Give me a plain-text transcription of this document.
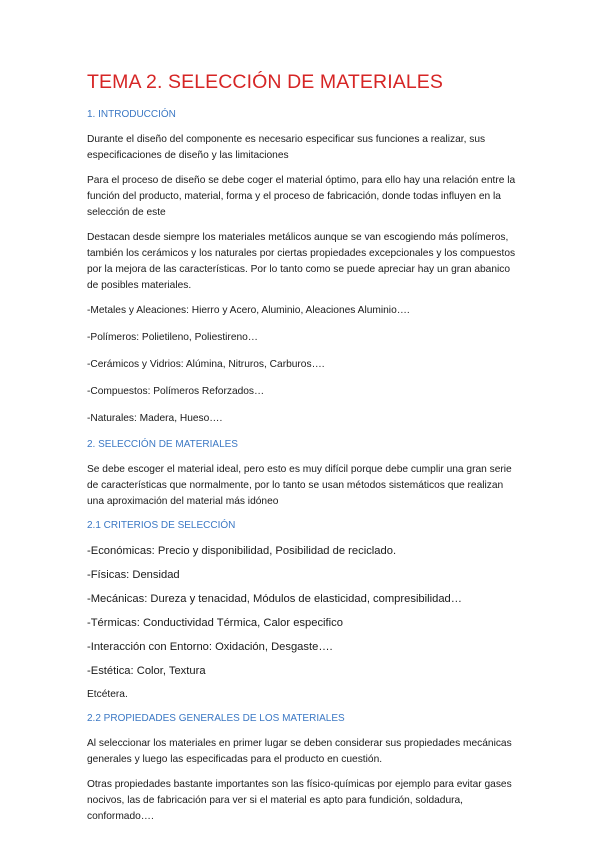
TEMA 2. SELECCIÓN DE MATERIALES
1. INTRODUCCIÓN

Durante el diseño del componente es necesario especificar sus funciones a realizar, sus especificaciones de diseño y las limitaciones

Para el proceso de diseño se debe coger el material óptimo, para ello hay una relación entre la función del producto, material, forma y el proceso de fabricación, donde todas influyen en la selección de este

Destacan desde siempre los materiales metálicos aunque se van escogiendo más polímeros, también los cerámicos y los naturales por ciertas propiedades excepcionales y los compuestos por la mejora de las características. Por lo tanto como se puede apreciar hay un gran abanico de posibles materiales.

-Metales y Aleaciones: Hierro y Acero, Aluminio, Aleaciones Aluminio….

-Polímeros: Polietileno, Poliestireno…

-Cerámicos y Vidrios: Alúmina, Nitruros, Carburos….

-Compuestos: Polímeros Reforzados…

-Naturales: Madera, Hueso….

2. SELECCIÓN DE MATERIALES

Se debe escoger el material ideal, pero esto es muy difícil porque debe cumplir una gran serie de características que normalmente, por lo tanto se usan métodos sistemáticos que realizan una aproximación del material más idóneo

2.1 CRITERIOS DE SELECCIÓN

-Económicas: Precio y disponibilidad, Posibilidad de reciclado.

-Físicas: Densidad

-Mecánicas: Dureza y tenacidad, Módulos de elasticidad, compresibilidad…

-Térmicas: Conductividad Térmica, Calor especifico

-Interacción con Entorno: Oxidación, Desgaste….

-Estética: Color, Textura

Etcétera.

2.2 PROPIEDADES GENERALES DE LOS MATERIALES

Al seleccionar los materiales en primer lugar se deben considerar sus propiedades mecánicas generales y luego las especificadas para el producto en cuestión.

Otras propiedades bastante importantes son las físico-químicas por ejemplo para evitar gases nocivos, las de fabricación para ver si el material es apto para fundición, soldadura, conformado….
